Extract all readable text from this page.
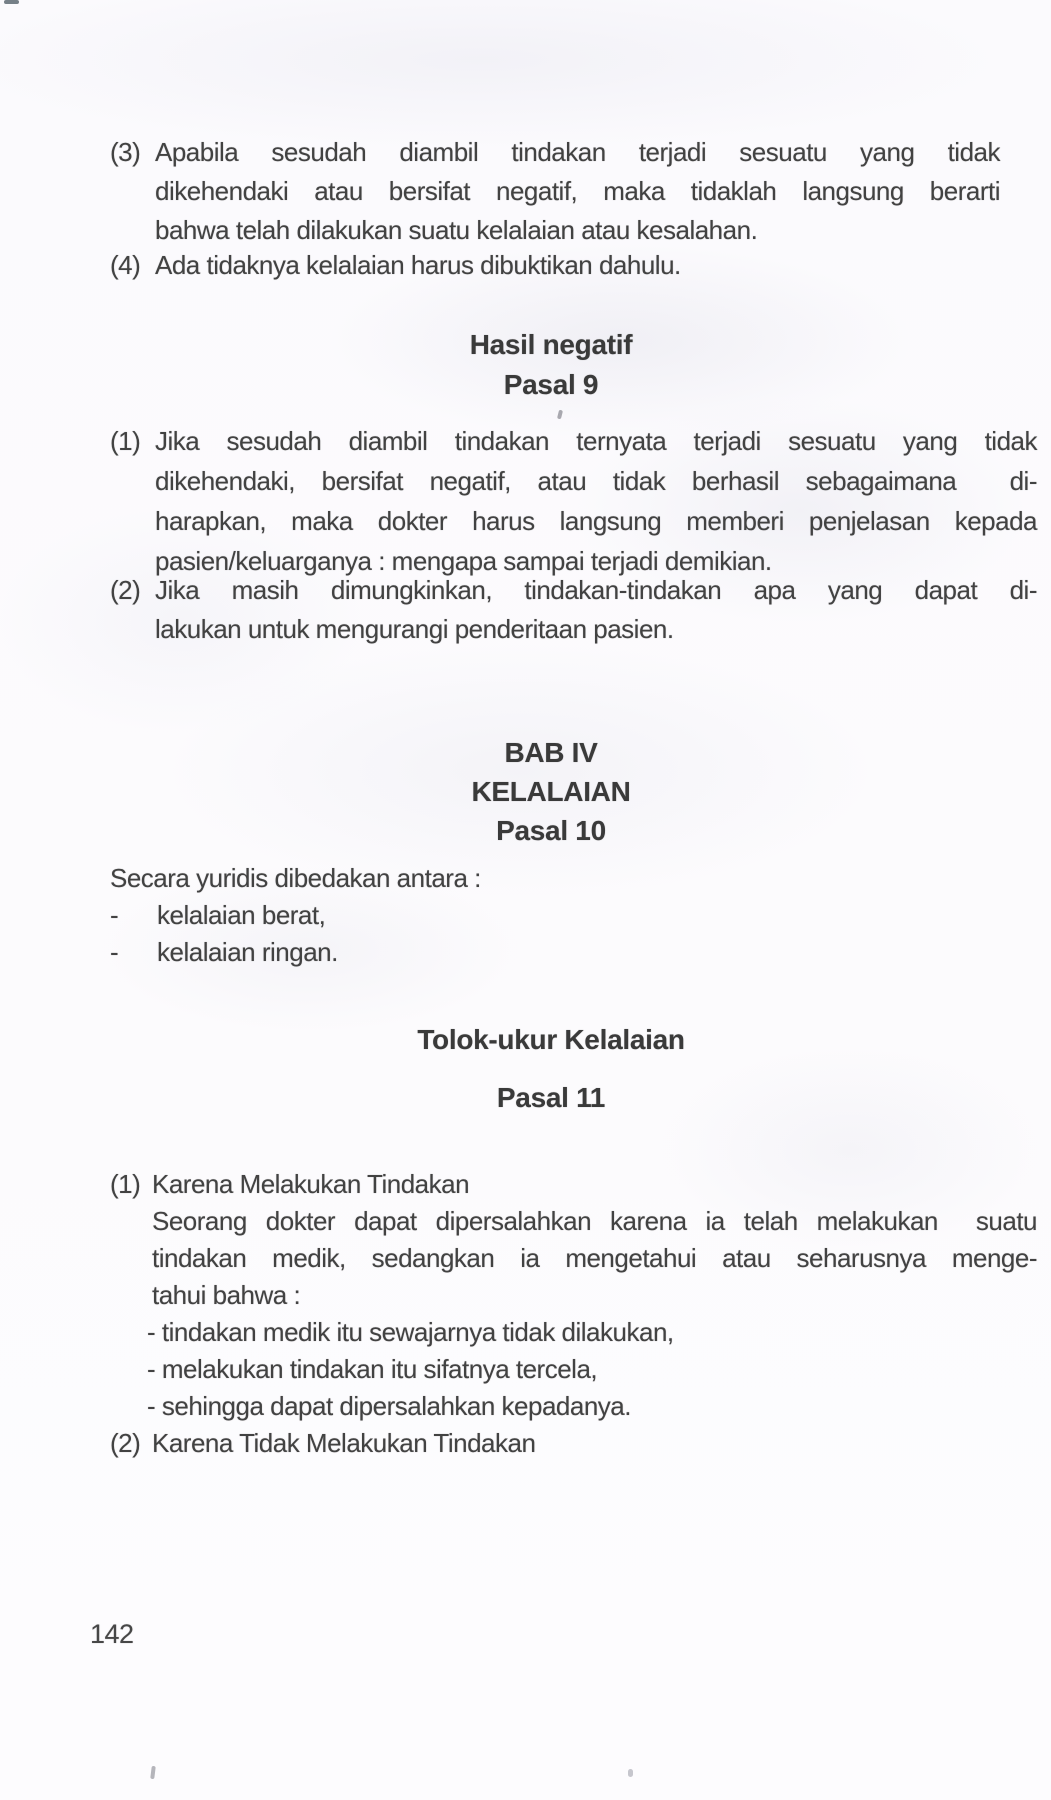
(3) Apabila sesudah diambil tindakan terjadi sesuatu yang tidak
dikehendaki atau bersifat negatif, maka tidaklah langsung berarti
bahwa telah dilakukan suatu kelalaian atau kesalahan.
(4) Ada tidaknya kelalaian harus dibuktikan dahulu.
Hasil negatif
Pasal 9
(1) Jika sesudah diambil tindakan ternyata terjadi sesuatu yang tidak
dikehendaki, bersifat negatif, atau tidak berhasil sebagaimana  di-
harapkan, maka dokter harus langsung memberi penjelasan kepada
pasien/keluarganya : mengapa sampai terjadi demikian.
(2) Jika masih dimungkinkan, tindakan-tindakan apa yang dapat di-
lakukan untuk mengurangi penderitaan pasien.
BAB IV
KELALAIAN
Pasal 10
Secara yuridis dibedakan antara :
- kelalaian berat,
- kelalaian ringan.
Tolok-ukur Kelalaian
Pasal 11
(1) Karena Melakukan Tindakan
Seorang dokter dapat dipersalahkan karena ia telah melakukan  suatu
tindakan medik, sedangkan ia mengetahui atau seharusnya menge-
tahui bahwa :
- tindakan medik itu sewajarnya tidak dilakukan,
- melakukan tindakan itu sifatnya tercela,
- sehingga dapat dipersalahkan kepadanya.
(2) Karena Tidak Melakukan Tindakan
142
